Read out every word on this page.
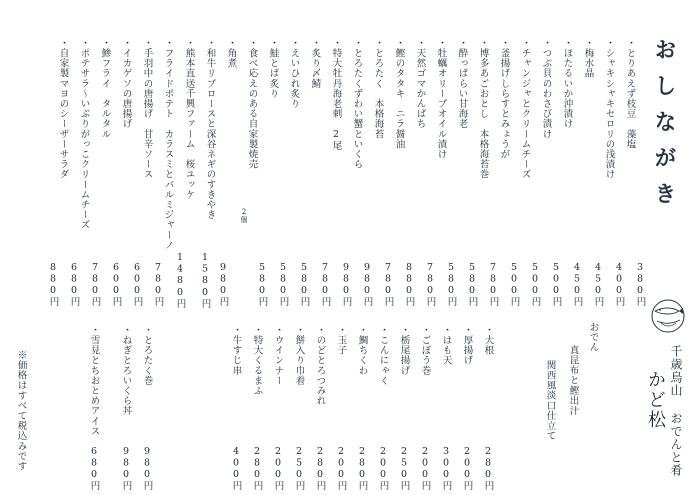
おしながき
・とりあえず枝豆　藻塩
・シャキシャキセロリの浅漬け
・梅水晶
・ほたるいか沖漬け
・つぶ貝のわさび漬け
・チャンジャとクリームチーズ
・釜揚げしらすとみょうが
・博多あごおとし　本格海苔巻
・酔っぱらい甘海老
・牡蠣オリーブオイル漬け
・天然ゴマかんぱち
・鰹のタタキ　ニラ醤油
・とろたく　本格海苔
・とろたくずわい蟹といくら
・特大牡丹海老刺　2尾
・炙り〆鯖
・えいひれ炙り
・鮭とば炙り
・食べ応えのある自家製焼売
・角煮
・和牛リブロースと深谷ネギのすきやき
・熊本直送千興ファーム　桜ユッケ
・フライドポテト　カラスミとパルミジャーノ
・手羽中の唐揚げ　甘辛ソース
・イカゲソの唐揚げ
・鯵フライ　タルタル
・ポテサラ～いぶりがっこクリームチーズ
・自家製マヨのシーザーサラダ
2個
380円
400円
450円
450円
500円
500円
500円
780円
580円
580円
780円
880円
780円
980円
980円
780円
580円
580円
580円
980円
1580円
1480円
780円
600円
600円
780円
680円
880円
千歳烏山 おでんと肴
かど松
おでん
真昆布と鰹出汁
関西風淡口仕立て
・大根
・厚揚げ
・はも天
・ごぼう巻
・栃尾揚げ
・こんにゃく
・鯛ちくわ
・玉子
・のどとろつみれ
・餅入り巾着
・ウインナー
・特大くるまふ
・牛すじ串
280円
200円
300円
200円
250円
200円
280円
200円
280円
250円
200円
280円
400円
・とろたく巻
・ねぎとろいくら丼
・雪見とちおとめアイス
980円
980円
680円
※価格はすべて税込みです
